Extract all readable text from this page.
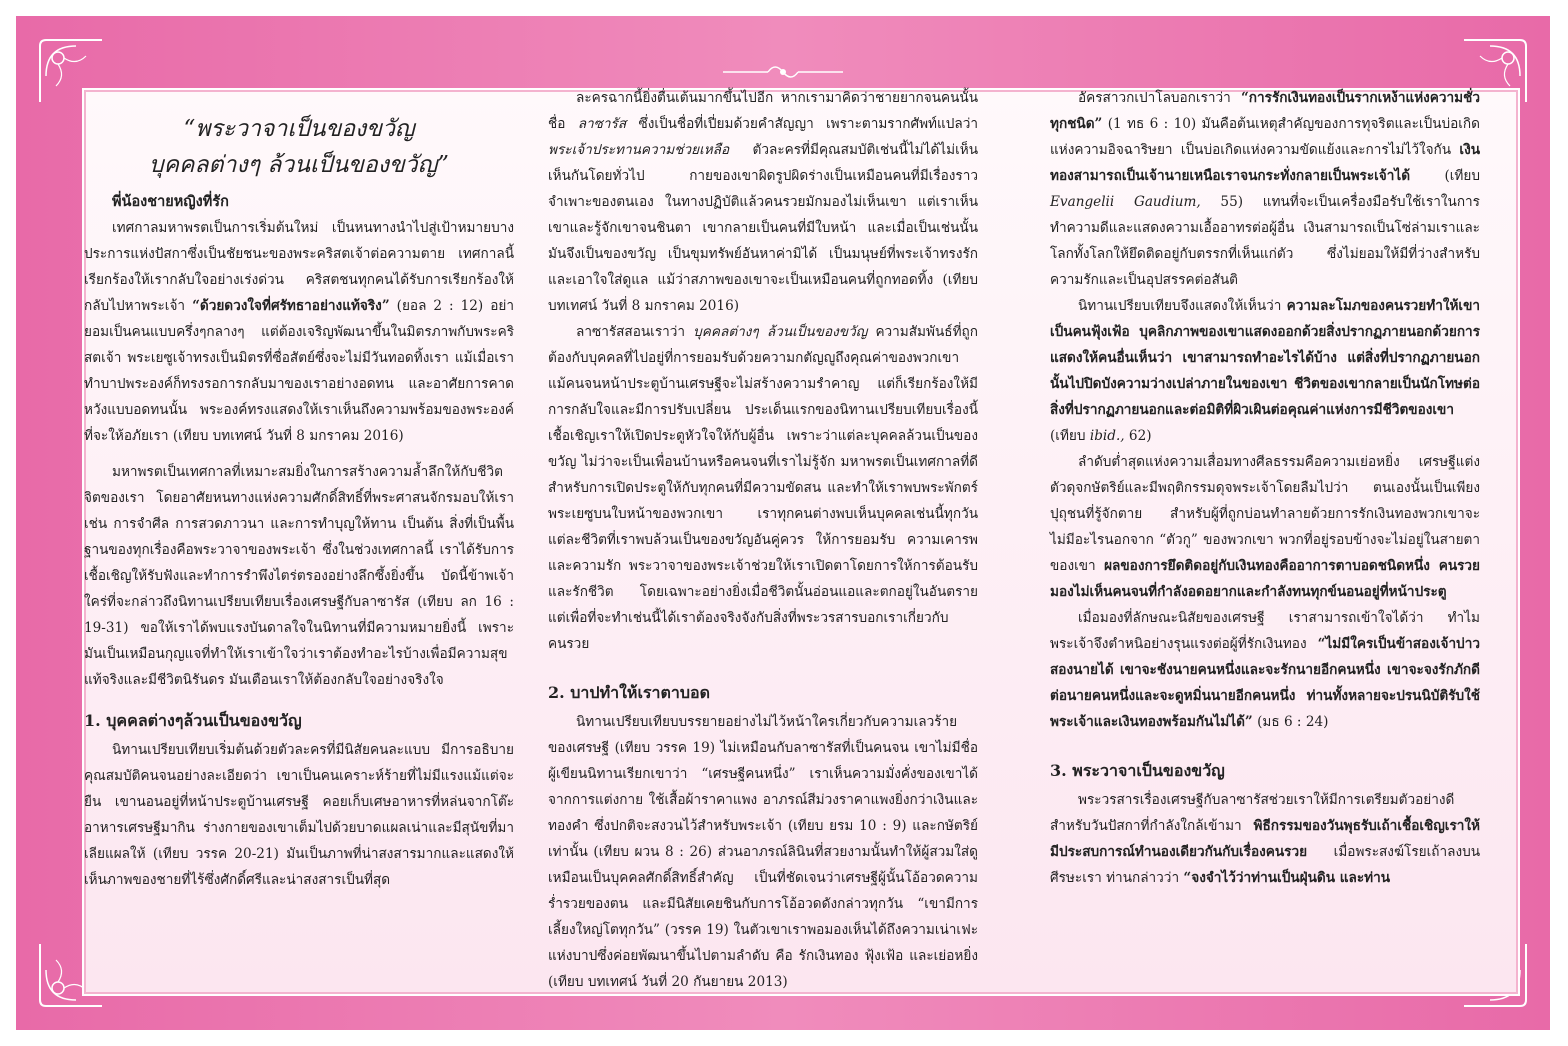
“พระวาจาเป็นของขวัญ
บุคคลต่างๆ ล้วนเป็นของขวัญ”

พี่น้องชายหญิงที่รัก

เทศกาลมหาพรตเป็นการเริ่มต้นใหม่ เป็นหนทางนำไปสู่เป้าหมายบางประการแห่งปัสกาซึ่งเป็นชัยชนะของพระคริสตเจ้าต่อความตาย เทศกาลนี้เรียกร้องให้เรากลับใจอย่างเร่งด่วน คริสตชนทุกคนได้รับการเรียกร้องให้กลับไปหาพระเจ้า “ด้วยดวงใจที่ศรัทธาอย่างแท้จริง” (ยอล 2 : 12) อย่ายอมเป็นคนแบบครึ่งๆกลางๆ แต่ต้องเจริญพัฒนาขึ้นในมิตรภาพกับพระคริสตเจ้า พระเยซูเจ้าทรงเป็นมิตรที่ซื่อสัตย์ซึ่งจะไม่มีวันทอดทิ้งเรา แม้เมื่อเราทำบาปพระองค์ก็ทรงรอการกลับมาของเราอย่างอดทน และอาศัยการคาดหวังแบบอดทนนั้น พระองค์ทรงแสดงให้เราเห็นถึงความพร้อมของพระองค์ที่จะให้อภัยเรา (เทียบ บทเทศน์ วันที่ 8 มกราคม 2016)

มหาพรตเป็นเทศกาลที่เหมาะสมยิ่งในการสร้างความล้ำลึกให้กับชีวิตจิตของเรา โดยอาศัยหนทางแห่งความศักดิ์สิทธิ์ที่พระศาสนจักรมอบให้เรา เช่น การจำศีล การสวดภาวนา และการทำบุญให้ทาน เป็นต้น สิ่งที่เป็นพื้นฐานของทุกเรื่องคือพระวาจาของพระเจ้า ซึ่งในช่วงเทศกาลนี้ เราได้รับการเชื้อเชิญให้รับฟังและทำการรำพึงไตร่ตรองอย่างลึกซึ้งยิ่งขึ้น บัดนี้ข้าพเจ้าใคร่ที่จะกล่าวถึงนิทานเปรียบเทียบเรื่องเศรษฐีกับลาซารัส (เทียบ ลก 16 : 19-31) ขอให้เราได้พบแรงบันดาลใจในนิทานที่มีความหมายยิ่งนี้ เพราะมันเป็นเหมือนกุญแจที่ทำให้เราเข้าใจว่าเราต้องทำอะไรบ้างเพื่อมีความสุขแท้จริงและมีชีวิตนิรันดร มันเตือนเราให้ต้องกลับใจอย่างจริงใจ

1. บุคคลต่างๆล้วนเป็นของขวัญ

นิทานเปรียบเทียบเริ่มต้นด้วยตัวละครที่มีนิสัยคนละแบบ มีการอธิบายคุณสมบัติคนจนอย่างละเอียดว่า เขาเป็นคนเคราะห์ร้ายที่ไม่มีแรงแม้แต่จะยืน เขานอนอยู่ที่หน้าประตูบ้านเศรษฐี คอยเก็บเศษอาหารที่หล่นจากโต๊ะอาหารเศรษฐีมากิน ร่างกายของเขาเต็มไปด้วยบาดแผลเน่าและมีสุนัขที่มาเลียแผลให้ (เทียบ วรรค 20-21) มันเป็นภาพที่น่าสงสารมากและแสดงให้เห็นภาพของชายที่ไร้ซึ่งศักดิ์ศรีและน่าสงสารเป็นที่สุด

ละครฉากนี้ยิ่งตื่นเต้นมากขึ้นไปอีก หากเรามาคิดว่าชายยากจนคนนั้นชื่อ ลาซารัส ซึ่งเป็นชื่อที่เปี่ยมด้วยคำสัญญา เพราะตามรากศัพท์แปลว่า พระเจ้าประทานความช่วยเหลือ ตัวละครที่มีคุณสมบัติเช่นนี้ไม่ได้ไม่เห็นเห็นกันโดยทั่วไป กายของเขาผิดรูปผิดร่างเป็นเหมือนคนที่มีเรื่องราวจำเพาะของตนเอง ในทางปฏิบัติแล้วคนรวยมักมองไม่เห็นเขา แต่เราเห็นเขาและรู้จักเขาจนชินตา เขากลายเป็นคนที่มีใบหน้า และเมื่อเป็นเช่นนั้นมันจึงเป็นของขวัญ เป็นขุมทรัพย์อันหาค่ามิได้ เป็นมนุษย์ที่พระเจ้าทรงรักและเอาใจใส่ดูแล แม้ว่าสภาพของเขาจะเป็นเหมือนคนที่ถูกทอดทิ้ง (เทียบ บทเทศน์ วันที่ 8 มกราคม 2016)

ลาซารัสสอนเราว่า บุคคลต่างๆ ล้วนเป็นของขวัญ ความสัมพันธ์ที่ถูกต้องกับบุคคลที่ไปอยู่ที่การยอมรับด้วยความกตัญญูถึงคุณค่าของพวกเขา แม้คนจนหน้าประตูบ้านเศรษฐีจะไม่สร้างความรำคาญ แต่ก็เรียกร้องให้มีการกลับใจและมีการปรับเปลี่ยน ประเด็นแรกของนิทานเปรียบเทียบเรื่องนี้เชื้อเชิญเราให้เปิดประตูหัวใจให้กับผู้อื่น เพราะว่าแต่ละบุคคลล้วนเป็นของขวัญ ไม่ว่าจะเป็นเพื่อนบ้านหรือคนจนที่เราไม่รู้จัก มหาพรตเป็นเทศกาลที่ดีสำหรับการเปิดประตูให้กับทุกคนที่มีความขัดสน และทำให้เราพบพระพักตร์พระเยซูบนใบหน้าของพวกเขา เราทุกคนต่างพบเห็นบุคคลเช่นนี้ทุกวัน แต่ละชีวิตที่เราพบล้วนเป็นของขวัญอันคู่ควร ให้การยอมรับ ความเคารพ และความรัก พระวาจาของพระเจ้าช่วยให้เราเปิดตาโดยการให้การต้อนรับและรักชีวิต โดยเฉพาะอย่างยิ่งเมื่อชีวิตนั้นอ่อนแอและตกอยู่ในอันตราย แต่เพื่อที่จะทำเช่นนี้ได้เราต้องจริงจังกับสิ่งที่พระวรสารบอกเราเกี่ยวกับคนรวย

2. บาปทำให้เราตาบอด

นิทานเปรียบเทียบบรรยายอย่างไม่ไว้หน้าใครเกี่ยวกับความเลวร้ายของเศรษฐี (เทียบ วรรค 19) ไม่เหมือนกับลาซารัสที่เป็นคนจน เขาไม่มีชื่อ ผู้เขียนนิทานเรียกเขาว่า “เศรษฐีคนหนึ่ง” เราเห็นความมั่งคั่งของเขาได้จากการแต่งกาย ใช้เสื้อผ้าราคาแพง อาภรณ์สีม่วงราคาแพงยิ่งกว่าเงินและทองคำ ซึ่งปกติจะสงวนไว้สำหรับพระเจ้า (เทียบ ยรม 10 : 9) และกษัตริย์เท่านั้น (เทียบ ผวน 8 : 26) ส่วนอาภรณ์ลินินที่สวยงามนั้นทำให้ผู้สวมใส่ดูเหมือนเป็นบุคคลศักดิ์สิทธิ์สำคัญ เป็นที่ชัดเจนว่าเศรษฐีผู้นั้นโอ้อวดความร่ำรวยของตน และมีนิสัยเคยชินกับการโอ้อวดดังกล่าวทุกวัน “เขามีการเลี้ยงใหญ่โตทุกวัน” (วรรค 19) ในตัวเขาเราพอมองเห็นได้ถึงความเน่าเฟะแห่งบาปซึ่งค่อยพัฒนาขึ้นไปตามลำดับ คือ รักเงินทอง ฟุ้งเฟ้อ และเย่อหยิ่ง (เทียบ บทเทศน์ วันที่ 20 กันยายน 2013)

อัครสาวกเปาโลบอกเราว่า “การรักเงินทองเป็นรากเหง้าแห่งความชั่วทุกชนิด” (1 ทธ 6 : 10) มันคือต้นเหตุสำคัญของการทุจริตและเป็นบ่อเกิดแห่งความอิจฉาริษยา เป็นบ่อเกิดแห่งความขัดแย้งและการไม่ไว้ใจกัน เงินทองสามารถเป็นเจ้านายเหนือเราจนกระทั่งกลายเป็นพระเจ้าได้	(เทียบ Evangelii Gaudium, 55) แทนที่จะเป็นเครื่องมือรับใช้เราในการทำความดีและแสดงความเอื้ออาทรต่อผู้อื่น เงินสามารถเป็นโซ่ล่ามเราและโลกทั้งโลกให้ยึดติดอยู่กับตรรกที่เห็นแก่ตัว ซึ่งไม่ยอมให้มีที่ว่างสำหรับความรักและเป็นอุปสรรคต่อสันติ

นิทานเปรียบเทียบจึงแสดงให้เห็นว่า ความละโมภของคนรวยทำให้เขาเป็นคนฟุ้งเฟ้อ บุคลิกภาพของเขาแสดงออกด้วยสิ่งปรากฏภายนอกด้วยการแสดงให้คนอื่นเห็นว่า เขาสามารถทำอะไรได้บ้าง แต่สิ่งที่ปรากฏภายนอกนั้นไปปิดบังความว่างเปล่าภายในของเขา ชีวิตของเขากลายเป็นนักโทษต่อสิ่งที่ปรากฏภายนอกและต่อมิติที่ผิวเผินต่อคุณค่าแห่งการมีชีวิตของเขา (เทียบ ibid., 62)

ลำดับต่ำสุดแห่งความเสื่อมทางศีลธรรมคือความเย่อหยิ่ง เศรษฐีแต่งตัวดุจกษัตริย์และมีพฤติกรรมดุจพระเจ้าโดยลืมไปว่า ตนเองนั้นเป็นเพียงปุถุชนที่รู้จักตาย สำหรับผู้ที่ถูกบ่อนทำลายด้วยการรักเงินทองพวกเขาจะไม่มีอะไรนอกจาก “ตัวกู” ของพวกเขา พวกที่อยู่รอบข้างจะไม่อยู่ในสายตาของเขา ผลของการยึดติดอยู่กับเงินทองคืออาการตาบอดชนิดหนึ่ง คนรวยมองไม่เห็นคนจนที่กำลังอดอยากและกำลังทนทุกข์นอนอยู่ที่หน้าประตู

เมื่อมองที่ลักษณะนิสัยของเศรษฐี เราสามารถเข้าใจได้ว่า ทำไมพระเจ้าจึงตำหนิอย่างรุนแรงต่อผู้ที่รักเงินทอง “ไม่มีใครเป็นข้าสองเจ้าบ่าวสองนายได้ เขาจะชังนายคนหนึ่งและจะรักนายอีกคนหนึ่ง เขาจะจงรักภักดีต่อนายคนหนึ่งและจะดูหมิ่นนายอีกคนหนึ่ง ท่านทั้งหลายจะปรนนิบัติรับใช้พระเจ้าและเงินทองพร้อมกันไม่ได้” (มธ 6 : 24)

3. พระวาจาเป็นของขวัญ

พระวรสารเรื่องเศรษฐีกับลาซารัสช่วยเราให้มีการเตรียมตัวอย่างดีสำหรับวันปัสกาที่กำลังใกล้เข้ามา พิธีกรรมของวันพุธรับเถ้าเชื้อเชิญเราให้มีประสบการณ์ทำนองเดียวกันกับเรื่องคนรวย เมื่อพระสงฆ์โรยเถ้าลงบนศีรษะเรา ท่านกล่าวว่า “จงจำไว้ว่าท่านเป็นฝุ่นดิน และท่าน
